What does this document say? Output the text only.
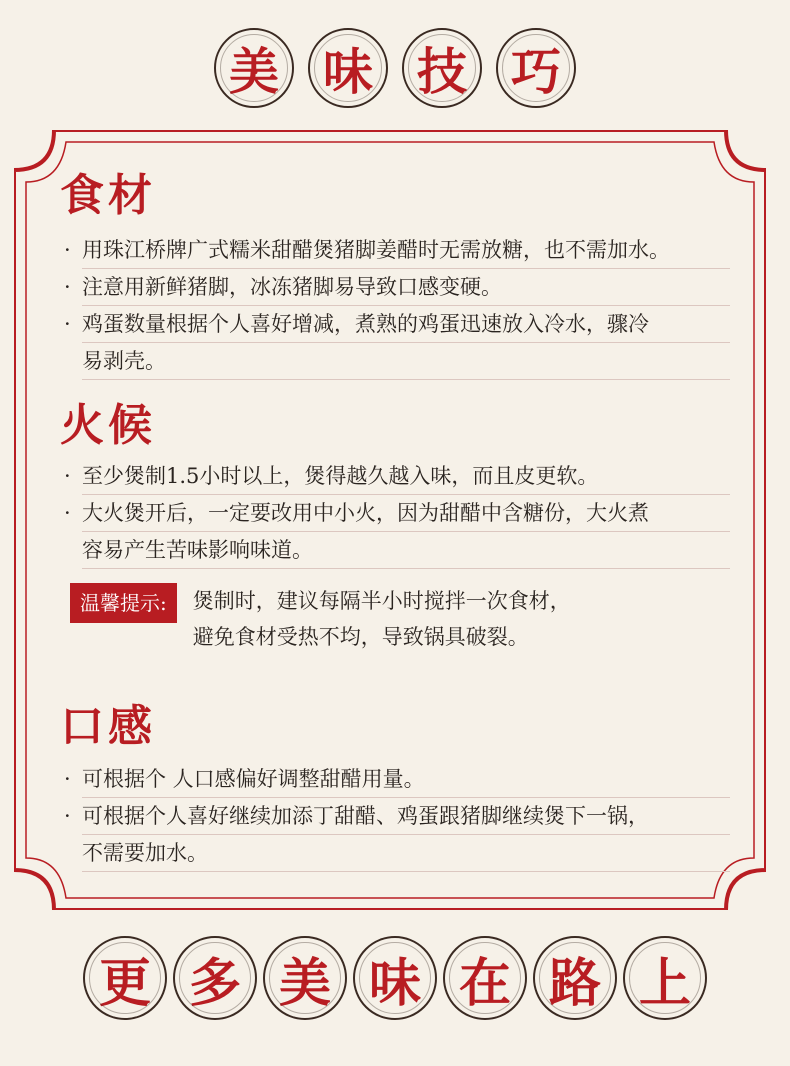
美 味 技 巧
食材
· 用珠江桥牌广式糯米甜醋煲猪脚姜醋时无需放糖，也不需加水。
· 注意用新鲜猪脚，冰冻猪脚易导致口感变硬。
· 鸡蛋数量根据个人喜好增减，煮熟的鸡蛋迅速放入冷水，骤冷
易剥壳。
火候
· 至少煲制1.5小时以上，煲得越久越入味，而且皮更软。
· 大火煲开后，一定要改用中小火，因为甜醋中含糖份，大火煮
容易产生苦味影响味道。
温馨提示:	煲制时，建议每隔半小时搅拌一次食材，
避免食材受热不均，导致锅具破裂。
口感
· 可根据个 人口感偏好调整甜醋用量。
· 可根据个人喜好继续加添丁甜醋、鸡蛋跟猪脚继续煲下一锅，
不需要加水。
更 多 美 味 在 路 上
